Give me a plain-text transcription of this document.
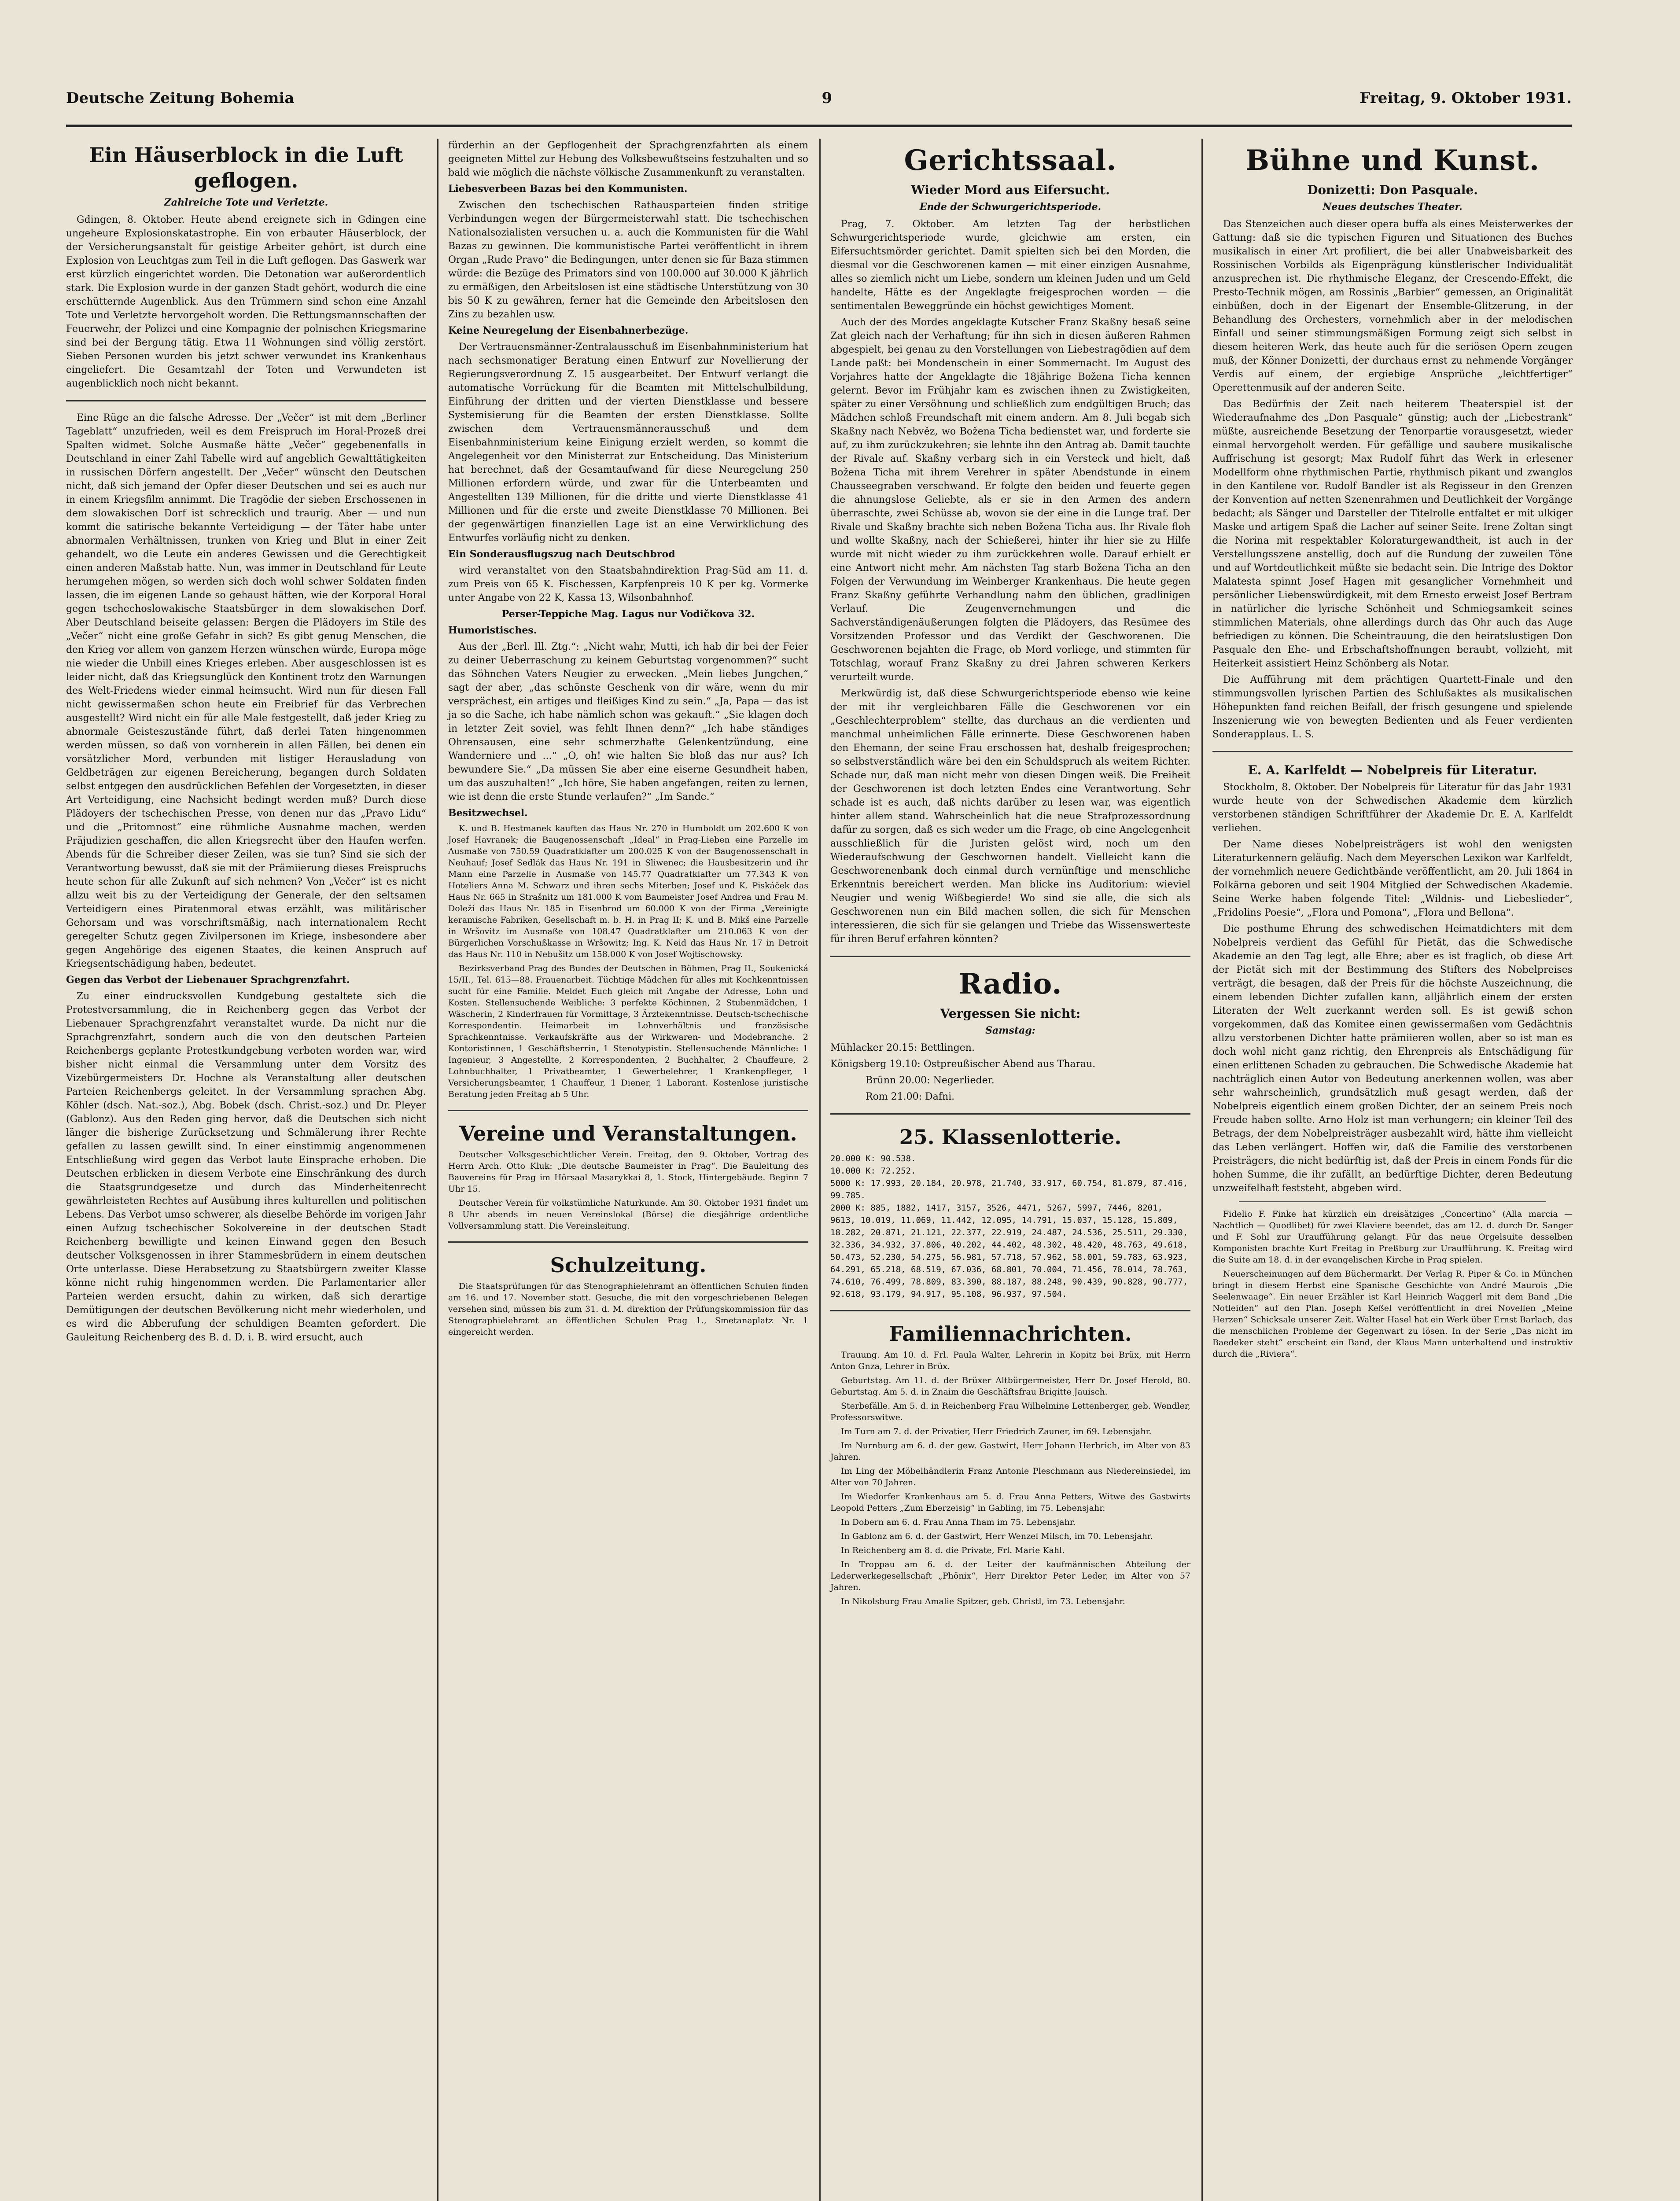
Deutsche Zeitung Bohemia	9	Freitag, 9. Oktober 1931.
Ein Häuserblock in die Luft geflogen.
Zahlreiche Tote und Verletzte.

Gdingen, 8. Oktober. Heute abend ereignete sich in Gdingen eine ungeheure Explosionskatastrophe. Ein von erbauter Häuserblock, der der Versicherungsanstalt für geistige Arbeiter gehört, ist durch eine Explosion von Leuchtgas zum Teil in die Luft geflogen. Das Gaswerk war erst kürzlich eingerichtet worden. Die Detonation war außerordentlich stark. Die Explosion wurde in der ganzen Stadt gehört, wodurch die eine erschütternde Augenblick. Aus den Trümmern sind schon eine Anzahl Tote und Verletzte hervorgeholt worden. Die Rettungsmannschaften der Feuerwehr, der Polizei und eine Kompagnie der polnischen Kriegsmarine sind bei der Bergung tätig. Etwa 11 Wohnungen sind völlig zerstört. Sieben Personen wurden bis jetzt schwer verwundet ins Krankenhaus eingeliefert. Die Gesamtzahl der Toten und Verwundeten ist augenblicklich noch nicht bekannt.

Eine Rüge an die falsche Adresse. Der „Večer“ ist mit dem „Berliner Tageblatt“ unzufrieden, weil es dem Freispruch im Horal-Prozeß drei Spalten widmet. Solche Ausmaße hätte „Večer“ gegebenenfalls in Deutschland in einer Zahl Tabelle wird auf angeblich Gewalttätigkeiten in russischen Dörfern angestellt. Der „Večer“ wünscht den Deutschen nicht, daß sich jemand der Opfer dieser Deutschen und sei es auch nur in einem Kriegsfilm annimmt. Die Tragödie der sieben Erschossenen in dem slowakischen Dorf ist schrecklich und traurig. Aber — und nun kommt die satirische bekannte Verteidigung — der Täter habe unter abnormalen Verhältnissen, trunken von Krieg und Blut in einer Zeit gehandelt, wo die Leute ein anderes Gewissen und die Gerechtigkeit einen anderen Maßstab hatte. Nun, was immer in Deutschland für Leute herumgehen mögen, so werden sich doch wohl schwer Soldaten finden lassen, die im eigenen Lande so gehaust hätten, wie der Korporal Horal gegen tschechoslowakische Staatsbürger in dem slowakischen Dorf. Aber Deutschland beiseite gelassen: Bergen die Plädoyers im Stile des „Večer“ nicht eine große Gefahr in sich? Es gibt genug Menschen, die den Krieg vor allem von ganzem Herzen wünschen würde, Europa möge nie wieder die Unbill eines Krieges erleben. Aber ausgeschlossen ist es leider nicht, daß das Kriegsunglück den Kontinent trotz den Warnungen des Welt-Friedens wieder einmal heimsucht. Wird nun für diesen Fall nicht gewissermaßen schon heute ein Freibrief für das Verbrechen ausgestellt? Wird nicht ein für alle Male festgestellt, daß jeder Krieg zu abnormale Geisteszustände führt, daß derlei Taten hingenommen werden müssen, so daß von vornherein in allen Fällen, bei denen ein vorsätzlicher Mord, verbunden mit listiger Herausladung von Geldbeträgen zur eigenen Bereicherung, begangen durch Soldaten selbst entgegen den ausdrücklichen Befehlen der Vorgesetzten, in dieser Art Verteidigung, eine Nachsicht bedingt werden muß? Durch diese Plädoyers der tschechischen Presse, von denen nur das „Pravo Lidu“ und die „Pritomnost“ eine rühmliche Ausnahme machen, werden Präjudizien geschaffen, die allen Kriegsrecht über den Haufen werfen. Abends für die Schreiber dieser Zeilen, was sie tun? Sind sie sich der Verantwortung bewusst, daß sie mit der Prämiierung dieses Freispruchs heute schon für alle Zukunft auf sich nehmen? Von „Večer“ ist es nicht allzu weit bis zu der Verteidigung der Generale, der den seltsamen Verteidigern eines Piratenmoral etwas erzählt, was militärischer Gehorsam und was vorschriftsmäßig, nach internationalem Recht geregelter Schutz gegen Zivilpersonen im Kriege, insbesondere aber gegen Angehörige des eigenen Staates, die keinen Anspruch auf Kriegsentschädigung haben, bedeutet.

Gegen das Verbot der Liebenauer Sprachgrenzfahrt.

Zu einer eindrucksvollen Kundgebung gestaltete sich die Protestversammlung, die in Reichenberg gegen das Verbot der Liebenauer Sprachgrenzfahrt veranstaltet wurde. Da nicht nur die Sprachgrenzfahrt, sondern auch die von den deutschen Parteien Reichenbergs geplante Protestkundgebung verboten worden war, wird bisher nicht einmal die Versammlung unter dem Vorsitz des Vizebürgermeisters Dr. Hochne als Veranstaltung aller deutschen Parteien Reichenbergs geleitet. In der Versammlung sprachen Abg. Köhler (dsch. Nat.-soz.), Abg. Bobek (dsch. Christ.-soz.) und Dr. Pleyer (Gablonz). Aus den Reden ging hervor, daß die Deutschen sich nicht länger die bisherige Zurücksetzung und Schmälerung ihrer Rechte gefallen zu lassen gewillt sind. In einer einstimmig angenommenen Entschließung wird gegen das Verbot laute Einsprache erhoben. Die Deutschen erblicken in diesem Verbote eine Einschränkung des durch die Staatsgrundgesetze und durch das Minderheitenrecht gewährleisteten Rechtes auf Ausübung ihres kulturellen und politischen Lebens. Das Verbot umso schwerer, als dieselbe Behörde im vorigen Jahr einen Aufzug tschechischer Sokolvereine in der deutschen Stadt Reichenberg bewilligte und keinen Einwand gegen den Besuch deutscher Volksgenossen in ihrer Stammesbrüdern in einem deutschen Orte unterlasse. Diese Herabsetzung zu Staatsbürgern zweiter Klasse könne nicht ruhig hingenommen werden. Die Parlamentarier aller Parteien werden ersucht, dahin zu wirken, daß sich derartige Demütigungen der deutschen Bevölkerung nicht mehr wiederholen, und es wird die Abberufung der schuldigen Beamten gefordert. Die Gauleitung Reichenberg des B. d. D. i. B. wird ersucht, auch

fürderhin an der Gepflogenheit der Sprachgrenzfahrten als einem geeigneten Mittel zur Hebung des Volksbewußtseins festzuhalten und so bald wie möglich die nächste völkische Zusammenkunft zu veranstalten.

Liebesverbeen Bazas bei den Kommunisten.

Zwischen den tschechischen Rathausparteien finden stritige Verbindungen wegen der Bürgermeisterwahl statt. Die tschechischen Nationalsozialisten versuchen u. a. auch die Kommunisten für die Wahl Bazas zu gewinnen. Die kommunistische Partei veröffentlicht in ihrem Organ „Rude Pravo“ die Bedingungen, unter denen sie für Baza stimmen würde: die Bezüge des Primators sind von 100.000 auf 30.000 K jährlich zu ermäßigen, den Arbeitslosen ist eine städtische Unterstützung von 30 bis 50 K zu gewähren, ferner hat die Gemeinde den Arbeitslosen den Zins zu bezahlen usw.

Keine Neuregelung der Eisenbahnerbezüge.

Der Vertrauensmänner-Zentralausschuß im Eisenbahnministerium hat nach sechsmonatiger Beratung einen Entwurf zur Novellierung der Regierungsverordnung Z. 15 ausgearbeitet. Der Entwurf verlangt die automatische Vorrückung für die Beamten mit Mittelschulbildung, Einführung der dritten und der vierten Dienstklasse und bessere Systemisierung für die Beamten der ersten Dienstklasse. Sollte zwischen dem Vertrauensmännerausschuß und dem Eisenbahnministerium keine Einigung erzielt werden, so kommt die Angelegenheit vor den Ministerrat zur Entscheidung. Das Ministerium hat berechnet, daß der Gesamtaufwand für diese Neuregelung 250 Millionen erfordern würde, und zwar für die Unterbeamten und Angestellten 139 Millionen, für die dritte und vierte Dienstklasse 41 Millionen und für die erste und zweite Dienstklasse 70 Millionen. Bei der gegenwärtigen finanziellen Lage ist an eine Verwirklichung des Entwurfes vorläufig nicht zu denken.

Ein Sonderausflugszug nach Deutschbrod

wird veranstaltet von den Staatsbahndirektion Prag-Süd am 11. d. zum Preis von 65 K. Fischessen, Karpfenpreis 10 K per kg. Vormerke unter Angabe von 22 K, Kassa 13, Wilsonbahnhof.

Perser-Teppiche Mag. Lagus nur Vodičkova 32.

Humoristisches.

Aus der „Berl. Ill. Ztg.“: „Nicht wahr, Mutti, ich hab dir bei der Feier zu deiner Ueberraschung zu keinem Geburtstag vorgenommen?“ sucht das Söhnchen Vaters Neugier zu erwecken. „Mein liebes Jungchen,“ sagt der aber, „das schönste Geschenk von dir wäre, wenn du mir versprächest, ein artiges und fleißiges Kind zu sein.“ „Ja, Papa — das ist ja so die Sache, ich habe nämlich schon was gekauft.“ „Sie klagen doch in letzter Zeit soviel, was fehlt Ihnen denn?“ „Ich habe ständiges Ohrensausen, eine sehr schmerzhafte Gelenkentzündung, eine Wanderniere und ...“ „O, oh! wie halten Sie bloß das nur aus? Ich bewundere Sie.“ „Da müssen Sie aber eine eiserne Gesundheit haben, um das auszuhalten!“ „Ich höre, Sie haben angefangen, reiten zu lernen, wie ist denn die erste Stunde verlaufen?“ „Im Sande.“

Besitzwechsel.

K. und B. Hestmanek kauften das Haus Nr. 270 in Humboldt um 202.600 K von Josef Havranek; die Baugenossenschaft „Ideal“ in Prag-Lieben eine Parzelle im Ausmaße von 750.59 Quadratklafter um 200.025 K von der Baugenossenschaft in Neuhauf; Josef Sedlák das Haus Nr. 191 in Sliwenec; die Hausbesitzerin und ihr Mann eine Parzelle in Ausmaße von 145.77 Quadratklafter um 77.343 K von Hoteliers Anna M. Schwarz und ihren sechs Miterben; Josef und K. Piskáček das Haus Nr. 665 in Strašnitz um 181.000 K vom Baumeister Josef Andrea und Frau M. Doleží das Haus Nr. 185 in Eisenbrod um 60.000 K von der Firma „Vereinigte keramische Fabriken, Gesellschaft m. b. H. in Prag II; K. und B. Mikš eine Parzelle in Wršovitz im Ausmaße von 108.47 Quadratklafter um 210.063 K von der Bürgerlichen Vorschußkasse in Wršowitz; Ing. K. Neid das Haus Nr. 17 in Detroit das Haus Nr. 110 in Nebušitz um 158.000 K von Josef Wojtischowsky.

Bezirksverband Prag des Bundes der Deutschen in Böhmen, Prag II., Soukenická 15/II., Tel. 615—88. Frauenarbeit. Tüchtige Mädchen für alles mit Kochkenntnissen sucht für eine Familie. Meldet Euch gleich mit Angabe der Adresse, Lohn und Kosten. Stellensuchende Weibliche: 3 perfekte Köchinnen, 2 Stubenmädchen, 1 Wäscherin, 2 Kinderfrauen für Vormittage, 3 Ärztekenntnisse. Deutsch-tschechische Korrespondentin. Heimarbeit im Lohnverhältnis und französische Sprachkenntnisse. Verkaufskräfte aus der Wirkwaren- und Modebranche. 2 Kontoristinnen, 1 Geschäftsherrin, 1 Stenotypistin. Stellensuchende Männliche: 1 Ingenieur, 3 Angestellte, 2 Korrespondenten, 2 Buchhalter, 2 Chauffeure, 2 Lohnbuchhalter, 1 Privatbeamter, 1 Gewerbelehrer, 1 Krankenpfleger, 1 Versicherungsbeamter, 1 Chauffeur, 1 Diener, 1 Laborant. Kostenlose juristische Beratung jeden Freitag ab 5 Uhr.

Vereine und Veranstaltungen.

Deutscher Volksgeschichtlicher Verein. Freitag, den 9. Oktober, Vortrag des Herrn Arch. Otto Kluk: „Die deutsche Baumeister in Prag“. Die Bauleitung des Bauvereins für Prag im Hörsaal Masarykkai 8, 1. Stock, Hintergebäude. Beginn 7 Uhr 15.

Deutscher Verein für volkstümliche Naturkunde. Am 30. Oktober 1931 findet um 8 Uhr abends im neuen Vereinslokal (Börse) die diesjährige ordentliche Vollversammlung statt. Die Vereinsleitung.

Schulzeitung.

Die Staatsprüfungen für das Stenographielehramt an öffentlichen Schulen finden am 16. und 17. November statt. Gesuche, die mit den vorgeschriebenen Belegen versehen sind, müssen bis zum 31. d. M. direktion der Prüfungskommission für das Stenographielehramt an öffentlichen Schulen Prag 1., Smetanaplatz Nr. 1 eingereicht werden.

Gerichtssaal.
Wieder Mord aus Eifersucht.
Ende der Schwurgerichtsperiode.

Prag, 7. Oktober. Am letzten Tag der herbstlichen Schwurgerichtsperiode wurde, gleichwie am ersten, ein Eifersuchtsmörder gerichtet. Damit spielten sich bei den Morden, die diesmal vor die Geschworenen kamen — mit einer einzigen Ausnahme, alles so ziemlich nicht um Liebe, sondern um kleinen Juden und um Geld handelte, Hätte es der Angeklagte freigesprochen worden — die sentimentalen Beweggründe ein höchst gewichtiges Moment.

Auch der des Mordes angeklagte Kutscher Franz Skaßny besaß seine Zat gleich nach der Verhaftung; für ihn sich in diesen äußeren Rahmen abgespielt, bei genau zu den Vorstellungen von Liebestragödien auf dem Lande paßt: bei Mondenschein in einer Sommernacht. Im August des Vorjahres hatte der Angeklagte die 18jährige Božena Ticha kennen gelernt. Bevor im Frühjahr kam es zwischen ihnen zu Zwistigkeiten, später zu einer Versöhnung und schließlich zum endgültigen Bruch; das Mädchen schloß Freundschaft mit einem andern. Am 8. Juli begab sich Skaßny nach Nebvěz, wo Božena Ticha bedienstet war, und forderte sie auf, zu ihm zurückzukehren; sie lehnte ihn den Antrag ab. Damit tauchte der Rivale auf. Skaßny verbarg sich in ein Versteck und hielt, daß Božena Ticha mit ihrem Verehrer in später Abendstunde in einem Chausseegraben verschwand. Er folgte den beiden und feuerte gegen die ahnungslose Geliebte, als er sie in den Armen des andern überraschte, zwei Schüsse ab, wovon sie der eine in die Lunge traf. Der Rivale und Skaßny brachte sich neben Božena Ticha aus. Ihr Rivale floh und wollte Skaßny, nach der Schießerei, hinter ihr hier sie zu Hilfe wurde mit nicht wieder zu ihm zurückkehren wolle. Darauf erhielt er eine Antwort nicht mehr. Am nächsten Tag starb Božena Ticha an den Folgen der Verwundung im Weinberger Krankenhaus. Die heute gegen Franz Skaßny geführte Verhandlung nahm den üblichen, gradlinigen Verlauf. Die Zeugenvernehmungen und die Sachverständigenäußerungen folgten die Plädoyers, das Resümee des Vorsitzenden Professor und das Verdikt der Geschworenen. Die Geschworenen bejahten die Frage, ob Mord vorliege, und stimmten für Totschlag, worauf Franz Skaßny zu drei Jahren schweren Kerkers verurteilt wurde.

Merkwürdig ist, daß diese Schwurgerichtsperiode ebenso wie keine der mit ihr vergleichbaren Fälle die Geschworenen vor ein „Geschlechterproblem“ stellte, das durchaus an die verdienten und manchmal unheimlichen Fälle erinnerte. Diese Geschworenen haben den Ehemann, der seine Frau erschossen hat, deshalb freigesprochen; so selbstverständlich wäre bei den ein Schuldspruch als weitem Richter. Schade nur, daß man nicht mehr von diesen Dingen weiß. Die Freiheit der Geschworenen ist doch letzten Endes eine Verantwortung. Sehr schade ist es auch, daß nichts darüber zu lesen war, was eigentlich hinter allem stand. Wahrscheinlich hat die neue Strafprozessordnung dafür zu sorgen, daß es sich weder um die Frage, ob eine Angelegenheit ausschließlich für die Juristen gelöst wird, noch um den Wiederaufschwung der Geschwornen handelt. Vielleicht kann die Geschworenenbank doch einmal durch vernünftige und menschliche Erkenntnis bereichert werden. Man blicke ins Auditorium: wieviel Neugier und wenig Wißbegierde! Wo sind sie alle, die sich als Geschworenen nun ein Bild machen sollen, die sich für Menschen interessieren, die sich für sie gelangen und Triebe das Wissenswerteste für ihren Beruf erfahren könnten?

Radio.
Vergessen Sie nicht:
Samstag:

Mühlacker 20.15: Bettlingen.

Königsberg 19.10: Ostpreußischer Abend aus Tharau.

Brünn 20.00: Negerlieder.

Rom 21.00: Dafni.

25. Klassenlotterie.
20.000 K: 90.538.
10.000 K: 72.252.
5000 K: 17.993, 20.184, 20.978, 21.740, 33.917, 60.754, 81.879, 87.416, 99.785.
2000 K: 885, 1882, 1417, 3157, 3526, 4471, 5267, 5997, 7446, 8201, 9613, 10.019, 11.069, 11.442, 12.095, 14.791, 15.037, 15.128, 15.809, 18.282, 20.871, 21.121, 22.377, 22.919, 24.487, 24.536, 25.511, 29.330, 32.336, 34.932, 37.806, 40.202, 44.402, 48.302, 48.420, 48.763, 49.618, 50.473, 52.230, 54.275, 56.981, 57.718, 57.962, 58.001, 59.783, 63.923, 64.291, 65.218, 68.519, 67.036, 68.801, 70.004, 71.456, 78.014, 78.763, 74.610, 76.499, 78.809, 83.390, 88.187, 88.248, 90.439, 90.828, 90.777, 92.618, 93.179, 94.917, 95.108, 96.937, 97.504.
Familiennachrichten.

Trauung. Am 10. d. Frl. Paula Walter, Lehrerin in Kopitz bei Brüx, mit Herrn Anton Gnza, Lehrer in Brüx.

Geburtstag. Am 11. d. der Brüxer Altbürgermeister, Herr Dr. Josef Herold, 80. Geburtstag. Am 5. d. in Znaim die Geschäftsfrau Brigitte Jauisch.

Sterbefälle. Am 5. d. in Reichenberg Frau Wilhelmine Lettenberger, geb. Wendler, Professorswitwe.

Im Turn am 7. d. der Privatier, Herr Friedrich Zauner, im 69. Lebensjahr.

Im Nurnburg am 6. d. der gew. Gastwirt, Herr Johann Herbrich, im Alter von 83 Jahren.

Im Ling der Möbelhändlerin Franz Antonie Pleschmann aus Niedereinsiedel, im Alter von 70 Jahren.

Im Wiedorfer Krankenhaus am 5. d. Frau Anna Petters, Witwe des Gastwirts Leopold Petters „Zum Eberzeisig“ in Gabling, im 75. Lebensjahr.

In Dobern am 6. d. Frau Anna Tham im 75. Lebensjahr.

In Gablonz am 6. d. der Gastwirt, Herr Wenzel Milsch, im 70. Lebensjahr.

In Reichenberg am 8. d. die Private, Frl. Marie Kahl.

In Troppau am 6. d. der Leiter der kaufmännischen Abteilung der Lederwerkegesellschaft „Phönix“, Herr Direktor Peter Leder, im Alter von 57 Jahren.

In Nikolsburg Frau Amalie Spitzer, geb. Christl, im 73. Lebensjahr.

Bühne und Kunst.
Donizetti: Don Pasquale.
Neues deutsches Theater.

Das Stenzeichen auch dieser opera buffa als eines Meisterwerkes der Gattung: daß sie die typischen Figuren und Situationen des Buches musikalisch in einer Art profiliert, die bei aller Unabweisbarkeit des Rossinischen Vorbilds als Eigenprägung künstlerischer Individualität anzusprechen ist. Die rhythmische Eleganz, der Crescendo-Effekt, die Presto-Technik mögen, am Rossinis „Barbier“ gemessen, an Originalität einbüßen, doch in der Eigenart der Ensemble-Glitzerung, in der Behandlung des Orchesters, vornehmlich aber in der melodischen Einfall und seiner stimmungsmäßigen Formung zeigt sich selbst in diesem heiteren Werk, das heute auch für die seriösen Opern zeugen muß, der Könner Donizetti, der durchaus ernst zu nehmende Vorgänger Verdis auf einem, der ergiebige Ansprüche „leichtfertiger“ Operettenmusik auf der anderen Seite.

Das Bedürfnis der Zeit nach heiterem Theaterspiel ist der Wiederaufnahme des „Don Pasquale“ günstig; auch der „Liebestrank“ müßte, ausreichende Besetzung der Tenorpartie vorausgesetzt, wieder einmal hervorgeholt werden. Für gefällige und saubere musikalische Auffrischung ist gesorgt; Max Rudolf führt das Werk in erlesener Modellform ohne rhythmischen Partie, rhythmisch pikant und zwanglos in den Kantilene vor. Rudolf Bandler ist als Regisseur in den Grenzen der Konvention auf netten Szenenrahmen und Deutlichkeit der Vorgänge bedacht; als Sänger und Darsteller der Titelrolle entfaltet er mit ulkiger Maske und artigem Spaß die Lacher auf seiner Seite. Irene Zoltan singt die Norina mit respektabler Koloraturgewandtheit, ist auch in der Verstellungsszene anstellig, doch auf die Rundung der zuweilen Töne und auf Wortdeutlichkeit müßte sie bedacht sein. Die Intrige des Doktor Malatesta spinnt Josef Hagen mit gesanglicher Vornehmheit und persönlicher Liebenswürdigkeit, mit dem Ernesto erweist Josef Bertram in natürlicher die lyrische Schönheit und Schmiegsamkeit seines stimmlichen Materials, ohne allerdings durch das Ohr auch das Auge befriedigen zu können. Die Scheintrauung, die den heiratslustigen Don Pasquale den Ehe- und Erbschaftshoffnungen beraubt, vollzieht, mit Heiterkeit assistiert Heinz Schönberg als Notar.

Die Aufführung mit dem prächtigen Quartett-Finale und den stimmungsvollen lyrischen Partien des Schlußaktes als musikalischen Höhepunkten fand reichen Beifall, der frisch gesungene und spielende Inszenierung wie von bewegten Bedienten und als Feuer verdienten Sonderapplaus. L. S.

E. A. Karlfeldt — Nobelpreis für Literatur.

Stockholm, 8. Oktober. Der Nobelpreis für Literatur für das Jahr 1931 wurde heute von der Schwedischen Akademie dem kürzlich verstorbenen ständigen Schriftführer der Akademie Dr. E. A. Karlfeldt verliehen.

Der Name dieses Nobelpreisträgers ist wohl den wenigsten Literaturkennern geläufig. Nach dem Meyerschen Lexikon war Karlfeldt, der vornehmlich neuere Gedichtbände veröffentlicht, am 20. Juli 1864 in Folkärna geboren und seit 1904 Mitglied der Schwedischen Akademie. Seine Werke haben folgende Titel: „Wildnis- und Liebeslieder“, „Fridolins Poesie“, „Flora und Pomona“, „Flora und Bellona“.

Die posthume Ehrung des schwedischen Heimatdichters mit dem Nobelpreis verdient das Gefühl für Pietät, das die Schwedische Akademie an den Tag legt, alle Ehre; aber es ist fraglich, ob diese Art der Pietät sich mit der Bestimmung des Stifters des Nobelpreises verträgt, die besagen, daß der Preis für die höchste Auszeichnung, die einem lebenden Dichter zufallen kann, alljährlich einem der ersten Literaten der Welt zuerkannt werden soll. Es ist gewiß schon vorgekommen, daß das Komitee einen gewissermaßen vom Gedächtnis allzu verstorbenen Dichter hatte prämiieren wollen, aber so ist man es doch wohl nicht ganz richtig, den Ehrenpreis als Entschädigung für einen erlittenen Schaden zu gebrauchen. Die Schwedische Akademie hat nachträglich einen Autor von Bedeutung anerkennen wollen, was aber sehr wahrscheinlich, grundsätzlich muß gesagt werden, daß der Nobelpreis eigentlich einem großen Dichter, der an seinem Preis noch Freude haben sollte. Arno Holz ist man verhungern; ein kleiner Teil des Betrags, der dem Nobelpreisträger ausbezahlt wird, hätte ihm vielleicht das Leben verlängert. Hoffen wir, daß die Familie des verstorbenen Preisträgers, die nicht bedürftig ist, daß der Preis in einem Fonds für die hohen Summe, die ihr zufällt, an bedürftige Dichter, deren Bedeutung unzweifelhaft feststeht, abgeben wird.

Fidelio F. Finke hat kürzlich ein dreisätziges „Concertino“ (Alla marcia — Nachtlich — Quodlibet) für zwei Klaviere beendet, das am 12. d. durch Dr. Sanger und F. Sohl zur Uraufführung gelangt. Für das neue Orgelsuite desselben Komponisten brachte Kurt Freitag in Preßburg zur Uraufführung. K. Freitag wird die Suite am 18. d. in der evangelischen Kirche in Prag spielen.

Neuerscheinungen auf dem Büchermarkt. Der Verlag R. Piper & Co. in München bringt in diesem Herbst eine Spanische Geschichte von André Maurois „Die Seelenwaage“. Ein neuer Erzähler ist Karl Heinrich Waggerl mit dem Band „Die Notleiden“ auf den Plan. Joseph Keßel veröffentlicht in drei Novellen „Meine Herzen“ Schicksale unserer Zeit. Walter Hasel hat ein Werk über Ernst Barlach, das die menschlichen Probleme der Gegenwart zu lösen. In der Serie „Das nicht im Baedeker steht“ erscheint ein Band, der Klaus Mann unterhaltend und instruktiv durch die „Riviera“.
